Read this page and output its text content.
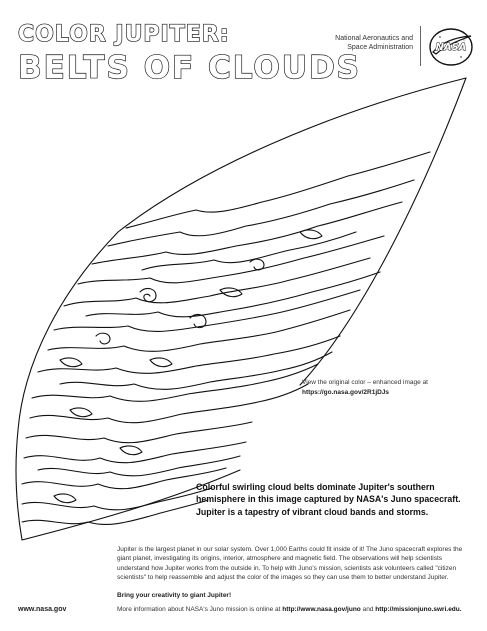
COLOR JUPITER:
BELTS OF CLOUDS
National Aeronautics and
Space Administration NASA
View the original color – enhanced image at
https://go.nasa.gov/2R1jDJs
Colorful swirling cloud belts dominate Jupiter's southern hemisphere in this image captured by NASA's Juno spacecraft. Jupiter is a tapestry of vibrant cloud bands and storms.
Jupiter is the largest planet in our solar system. Over 1,000 Earths could fit inside of it! The Juno spacecraft explores the giant planet, investigating its origins, interior, atmosphere and magnetic field. The observations will help scientists understand how Jupiter works from the outside in. To help with Juno's mission, scientists ask volunteers called "citizen scientists" to help reassemble and adjust the color of the images so they can use them to better understand Jupiter.
Bring your creativity to giant Jupiter!
www.nasa.gov	More information about NASA's Juno mission is online at http://www.nasa.gov/juno and http://missionjuno.swri.edu.
